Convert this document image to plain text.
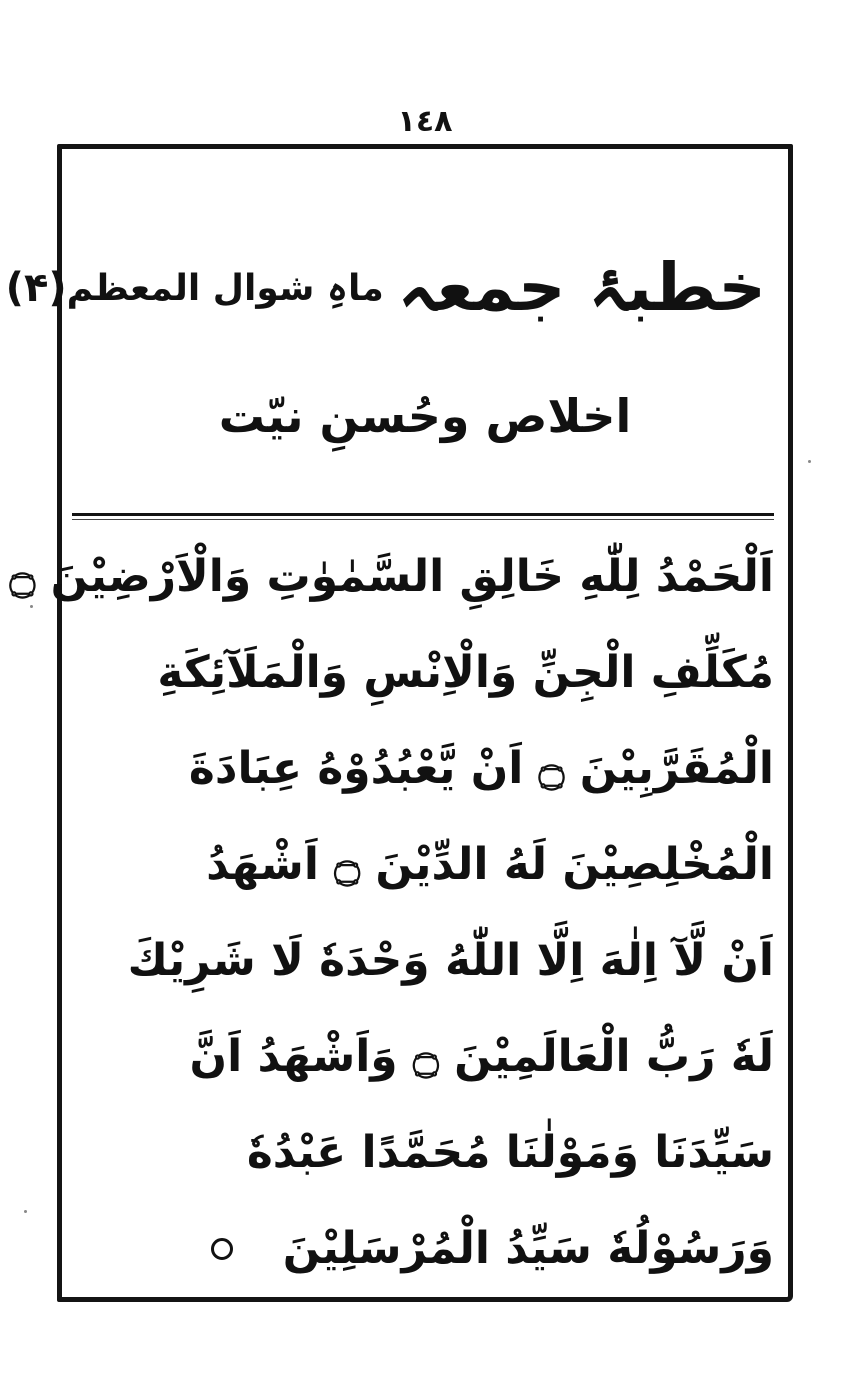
١٤٨
خطبۂ جمعہ
ماہِ شوال المعظم
(۴)
اخلاص وحُسنِ نیّت
اَلْحَمْدُ لِلّٰهِ خَالِقِ السَّمٰوٰتِ وَالْاَرْضِيْنَ ۝
مُكَلِّفِ الْجِنِّ وَالْاِنْسِ وَالْمَلَآئِكَةِ
الْمُقَرَّبِيْنَ ۝ اَنْ يَّعْبُدُوْهُ عِبَادَةَ
الْمُخْلِصِيْنَ لَهُ الدِّيْنَ ۝ اَشْهَدُ
اَنْ لَّآ اِلٰهَ اِلَّا اللّٰهُ وَحْدَهٗ لَا شَرِيْكَ
لَهٗ رَبُّ الْعَالَمِيْنَ ۝ وَاَشْهَدُ اَنَّ
سَيِّدَنَا وَمَوْلٰنَا مُحَمَّدًا عَبْدُهٗ
وَرَسُوْلُهٗ سَيِّدُ الْمُرْسَلِيْنَ
